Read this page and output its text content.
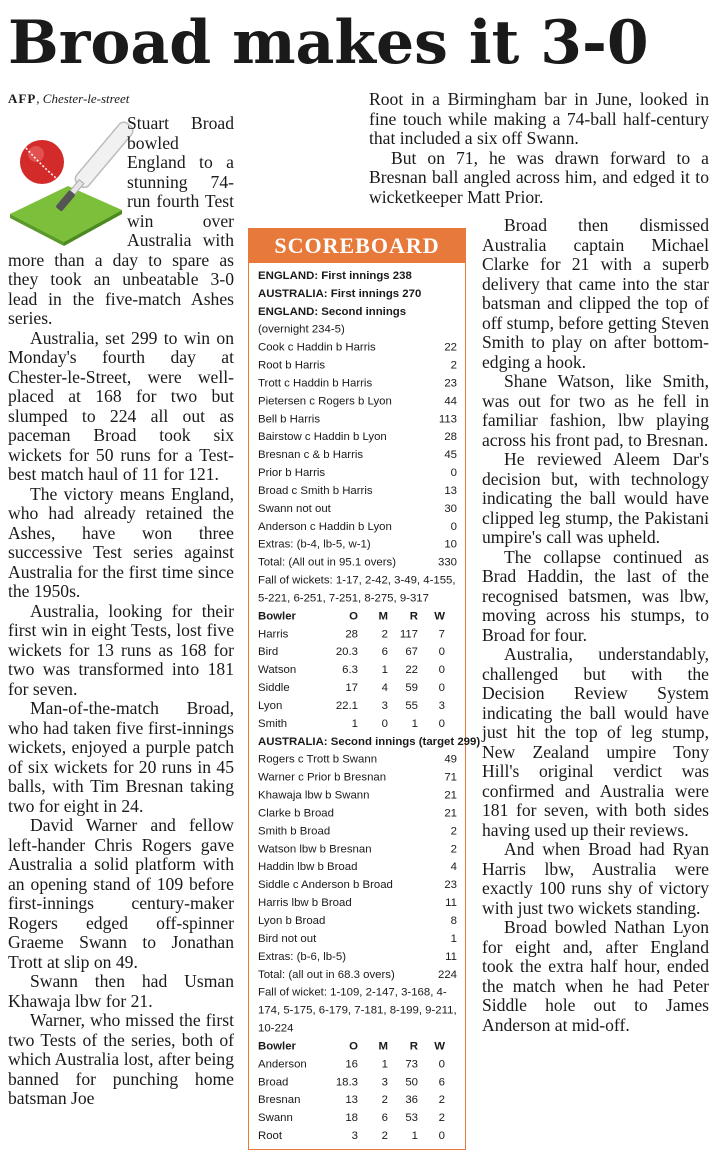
Broad makes it 3-0
AFP, Chester-le-street
Stuart Broad bowled England to a stunning 74-run fourth Test win over Australia with more than a day to spare as they took an unbeatable 3-0 lead in the five-match Ashes series.

Australia, set 299 to win on Monday's fourth day at Chester-le-Street, were well-placed at 168 for two but slumped to 224 all out as paceman Broad took six wickets for 50 runs for a Test-best match haul of 11 for 121.

The victory means England, who had already retained the Ashes, have won three successive Test series against Australia for the first time since the 1950s.

Australia, looking for their first win in eight Tests, lost five wickets for 13 runs as 168 for two was transformed into 181 for seven.

Man-of-the-match Broad, who had taken five first-innings wickets, enjoyed a purple patch of six wickets for 20 runs in 45 balls, with Tim Bresnan taking two for eight in 24.

David Warner and fellow left-hander Chris Rogers gave Australia a solid platform with an opening stand of 109 before first-innings century-maker Rogers edged off-spinner Graeme Swann to Jonathan Trott at slip on 49.

Swann then had Usman Khawaja lbw for 21.

Warner, who missed the first two Tests of the series, both of which Australia lost, after being banned for punching home batsman Joe

Root in a Birmingham bar in June, looked in fine touch while making a 74-ball half-century that included a six off Swann.

But on 71, he was drawn forward to a Bresnan ball angled across him, and edged it to wicketkeeper Matt Prior.

Broad then dismissed Australia captain Michael Clarke for 21 with a superb delivery that came into the star batsman and clipped the top of off stump, before getting Steven Smith to play on after bottom-edging a hook.

Shane Watson, like Smith, was out for two as he fell in familiar fashion, lbw playing across his front pad, to Bresnan.

He reviewed Aleem Dar's decision but, with technology indicating the ball would have clipped leg stump, the Pakistani umpire's call was upheld.

The collapse continued as Brad Haddin, the last of the recognised batsmen, was lbw, moving across his stumps, to Broad for four.

Australia, understandably, challenged but with the Decision Review System indicating the ball would have just hit the top of leg stump, New Zealand umpire Tony Hill's original verdict was confirmed and Australia were 181 for seven, with both sides having used up their reviews.

And when Broad had Ryan Harris lbw, Australia were exactly 100 runs shy of victory with just two wickets standing.

Broad bowled Nathan Lyon for eight and, after England took the extra half hour, ended the match when he had Peter Siddle hole out to James Anderson at mid-off.

SCOREBOARD
ENGLAND: First innings 238
AUSTRALIA: First innings 270
ENGLAND: Second innings
(overnight 234-5)
Cook c Haddin b Harris	22
Root b Harris	2
Trott c Haddin b Harris	23
Pietersen c Rogers b Lyon	44
Bell b Harris	113
Bairstow c Haddin b Lyon	28
Bresnan c & b Harris	45
Prior b Harris	0
Broad c Smith b Harris	13
Swann not out	30
Anderson c Haddin b Lyon	0
Extras: (b-4, lb-5, w-1)	10
Total: (All out in 95.1 overs)	330
Fall of wickets: 1-17, 2-42, 3-49, 4-155, 5-221, 6-251, 7-251, 8-275, 9-317
Bowler	O	M	R	W
Harris	28	2	117	7
Bird	20.3	6	67	0
Watson	6.3	1	22	0
Siddle	17	4	59	0
Lyon	22.1	3	55	3
Smith	1	0	1	0
AUSTRALIA: Second innings (target 299)
Rogers c Trott b Swann	49
Warner c Prior b Bresnan	71
Khawaja lbw b Swann	21
Clarke b Broad	21
Smith b Broad	2
Watson lbw b Bresnan	2
Haddin lbw b Broad	4
Siddle c Anderson b Broad	23
Harris lbw b Broad	11
Lyon b Broad	8
Bird not out	1
Extras: (b-6, lb-5)	11
Total: (all out in 68.3 overs)	224
Fall of wicket: 1-109, 2-147, 3-168, 4-174, 5-175, 6-179, 7-181, 8-199, 9-211, 10-224
Bowler	O	M	R	W
Anderson	16	1	73	0
Broad	18.3	3	50	6
Bresnan	13	2	36	2
Swann	18	6	53	2
Root	3	2	1	0
